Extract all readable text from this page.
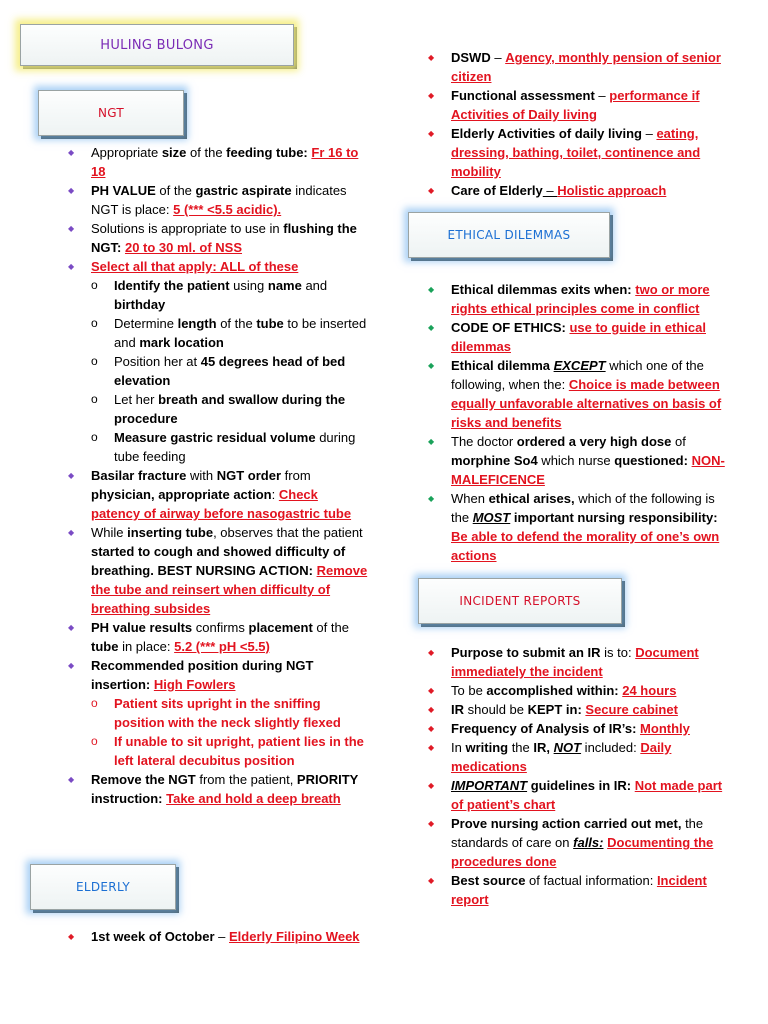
HULING BULONG
NGT
◆ Appropriate size of the feeding tube: Fr 16 to 18
◆ PH VALUE of the gastric aspirate indicates NGT is place: 5 (*** <5.5 acidic).
◆ Solutions is appropriate to use in flushing the NGT: 20 to 30 ml. of NSS
◆ Select all that apply: ALL of these
o Identify the patient using name and birthday
o Determine length of the tube to be inserted and mark location
o Position her at 45 degrees head of bed elevation
o Let her breath and swallow during the procedure
o Measure gastric residual volume during tube feeding
◆ Basilar fracture with NGT order from physician, appropriate action: Check patency of airway before nasogastric tube
◆ While inserting tube, observes that the patient started to cough and showed difficulty of breathing. BEST NURSING ACTION: Remove the tube and reinsert when difficulty of breathing subsides
◆ PH value results confirms placement of the tube in place: 5.2 (*** pH <5.5)
◆ Recommended position during NGT insertion: High Fowlers
o Patient sits upright in the sniffing position with the neck slightly flexed
o If unable to sit upright, patient lies in the left lateral decubitus position
◆ Remove the NGT from the patient, PRIORITY instruction: Take and hold a deep breath
ELDERLY
◆ 1st week of October – Elderly Filipino Week
◆ DSWD – Agency, monthly pension of senior citizen
◆ Functional assessment – performance if Activities of Daily living
◆ Elderly Activities of daily living – eating, dressing, bathing, toilet, continence and mobility
◆ Care of Elderly – Holistic approach
ETHICAL DILEMMAS
◆ Ethical dilemmas exits when: two or more rights ethical principles come in conflict
◆ CODE OF ETHICS: use to guide in ethical dilemmas
◆ Ethical dilemma EXCEPT which one of the following, when the: Choice is made between equally unfavorable alternatives on basis of risks and benefits
◆ The doctor ordered a very high dose of morphine So4 which nurse questioned: NON- MALEFICENCE
◆ When ethical arises, which of the following is the MOST important nursing responsibility: Be able to defend the morality of one’s own actions
INCIDENT REPORTS
◆ Purpose to submit an IR is to: Document immediately the incident
◆ To be accomplished within: 24 hours
◆ IR should be KEPT in: Secure cabinet
◆ Frequency of Analysis of IR’s: Monthly
◆ In writing the IR, NOT included: Daily medications
◆ IMPORTANT guidelines in IR: Not made part of patient’s chart
◆ Prove nursing action carried out met, the standards of care on falls: Documenting the procedures done
◆ Best source of factual information: Incident report
